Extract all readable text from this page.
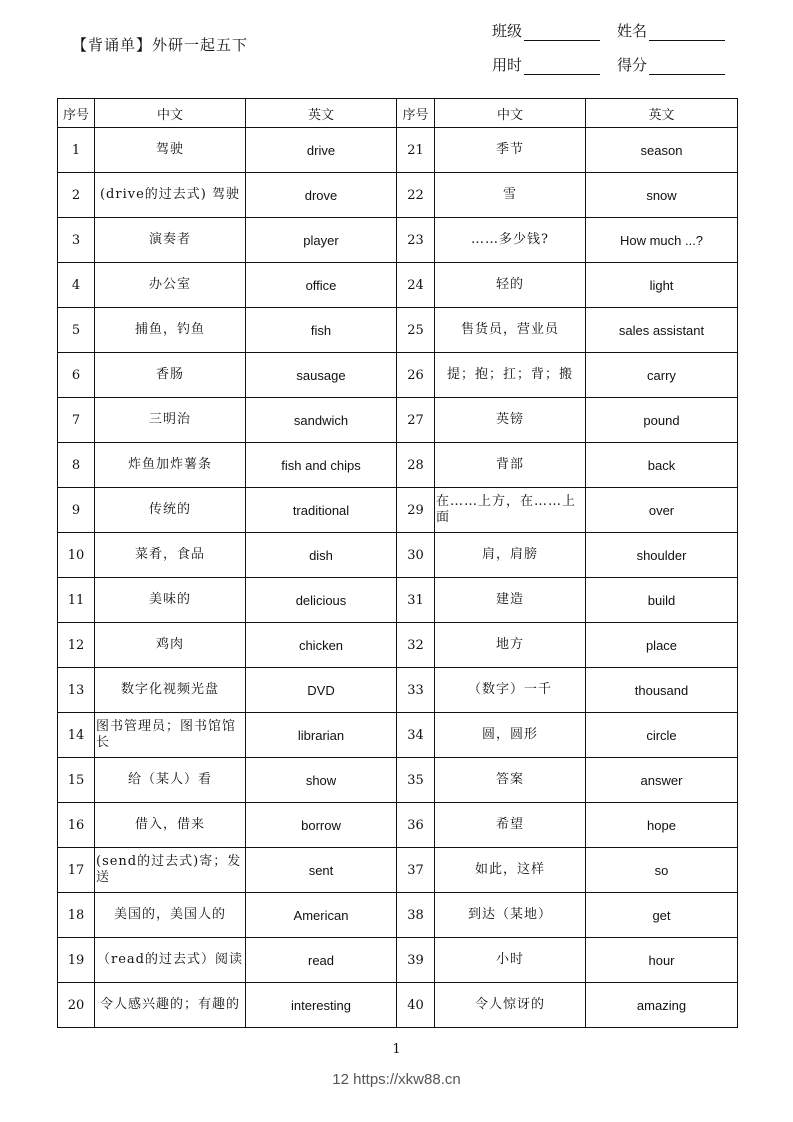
【背诵单】外研一起五下
班级	姓名
用时	得分
序号	中文	英文	序号	中文	英文
1	驾驶	drive	21	季节	season
2	(drive的过去式) 驾驶	drove	22	雪	snow
3	演奏者	player	23	……多少钱?	How much ...?
4	办公室	office	24	轻的	light
5	捕鱼，钓鱼	fish	25	售货员，营业员	sales assistant
6	香肠	sausage	26	提；抱；扛；背；搬	carry
7	三明治	sandwich	27	英镑	pound
8	炸鱼加炸薯条	fish and chips	28	背部	back
9	传统的	traditional	29	在……上方，在……上面	over
10	菜肴，食品	dish	30	肩，肩膀	shoulder
11	美味的	delicious	31	建造	build
12	鸡肉	chicken	32	地方	place
13	数字化视频光盘	DVD	33	（数字）一千	thousand
14	图书管理员；图书馆馆长	librarian	34	圆，圆形	circle
15	给（某人）看	show	35	答案	answer
16	借入，借来	borrow	36	希望	hope
17	(send的过去式)寄；发送	sent	37	如此，这样	so
18	美国的，美国人的	American	38	到达（某地）	get
19	（read的过去式）阅读	read	39	小时	hour
20	令人感兴趣的；有趣的	interesting	40	令人惊讶的	amazing
1
12 https://xkw88.cn
